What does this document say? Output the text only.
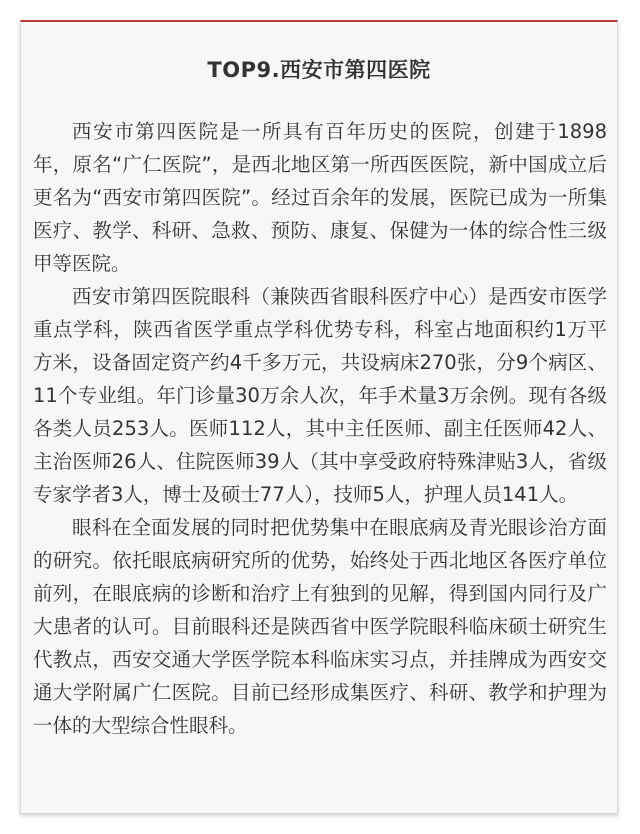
TOP9.西安市第四医院

西安市第四医院是一所具有百年历史的医院，创建于1898年，原名“广仁医院”，是西北地区第一所西医医院，新中国成立后更名为“西安市第四医院”。经过百余年的发展，医院已成为一所集医疗、教学、科研、急救、预防、康复、保健为一体的综合性三级甲等医院。

西安市第四医院眼科（兼陕西省眼科医疗中心）是西安市医学重点学科，陕西省医学重点学科优势专科，科室占地面积约1万平方米，设备固定资产约4千多万元，共设病床270张，分9个病区、11个专业组。年门诊量30万余人次，年手术量3万余例。现有各级各类人员253人。医师112人，其中主任医师、副主任医师42人、主治医师26人、住院医师39人（其中享受政府特殊津贴3人，省级专家学者3人，博士及硕士77人），技师5人，护理人员141人。

眼科在全面发展的同时把优势集中在眼底病及青光眼诊治方面的研究。依托眼底病研究所的优势，始终处于西北地区各医疗单位前列，在眼底病的诊断和治疗上有独到的见解，得到国内同行及广大患者的认可。目前眼科还是陕西省中医学院眼科临床硕士研究生代教点，西安交通大学医学院本科临床实习点，并挂牌成为西安交通大学附属广仁医院。目前已经形成集医疗、科研、教学和护理为一体的大型综合性眼科。
